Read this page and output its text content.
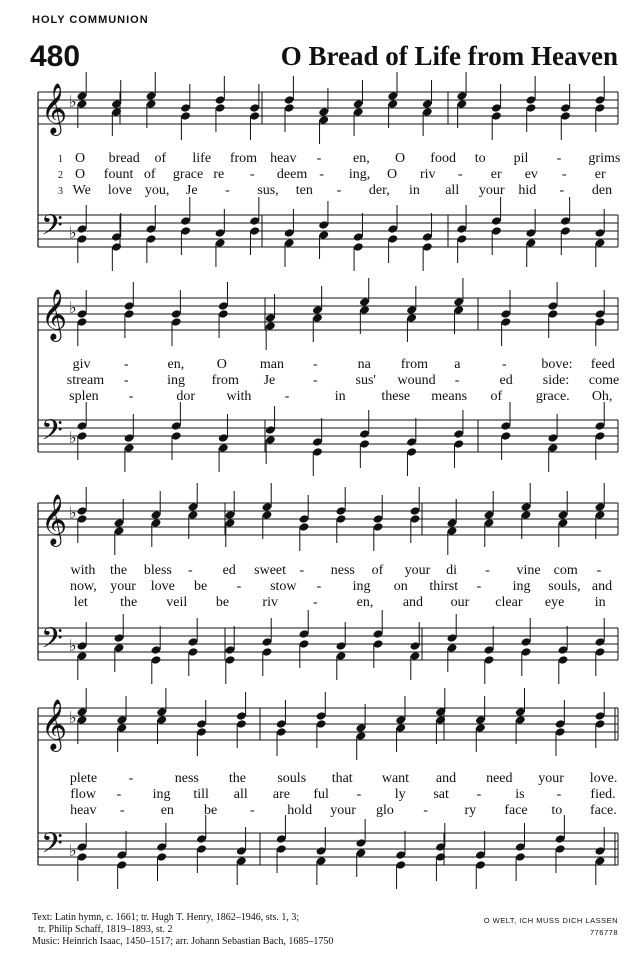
HOLY COMMUNION
480	O Bread of Life from Heaven
𝄞 ♭
𝄢 ♭
𝄞 ♭
𝄢 ♭
𝄞 ♭
𝄢 ♭
𝄞 ♭
𝄢 ♭
1 O bread of life from heav - en, O food to pil - grims
2 O fount of grace re - deem - ing, O riv - er ev - er
3 We love you, Je - sus, ten - der, in all your hid - den
giv -	en, O man -	na from a	- bove: feed
stream -	ing from Je	-	sus' wound -	ed side: come
splen -	dor with -	in	these means of grace. Oh,
with the bless - ed sweet - ness of your di - vine com -
now, your love be - stow - ing on thirst - ing souls, and
let the veil be riv -	en, and our clear eye in
plete -	ness the souls that want and need your love.
flow - ing till all are ful - ly sat - is - fied.
heav -	en be - hold your glo -	ry face to face.
Text: Latin hymn, c. 1661; tr. Hugh T. Henry, 1862–1946, sts. 1, 3;
tr. Philip Schaff, 1819–1893, st. 2
Music: Heinrich Isaac, 1450–1517; arr. Johann Sebastian Bach, 1685–1750
O WELT, ICH MUSS DICH LASSEN
776778
